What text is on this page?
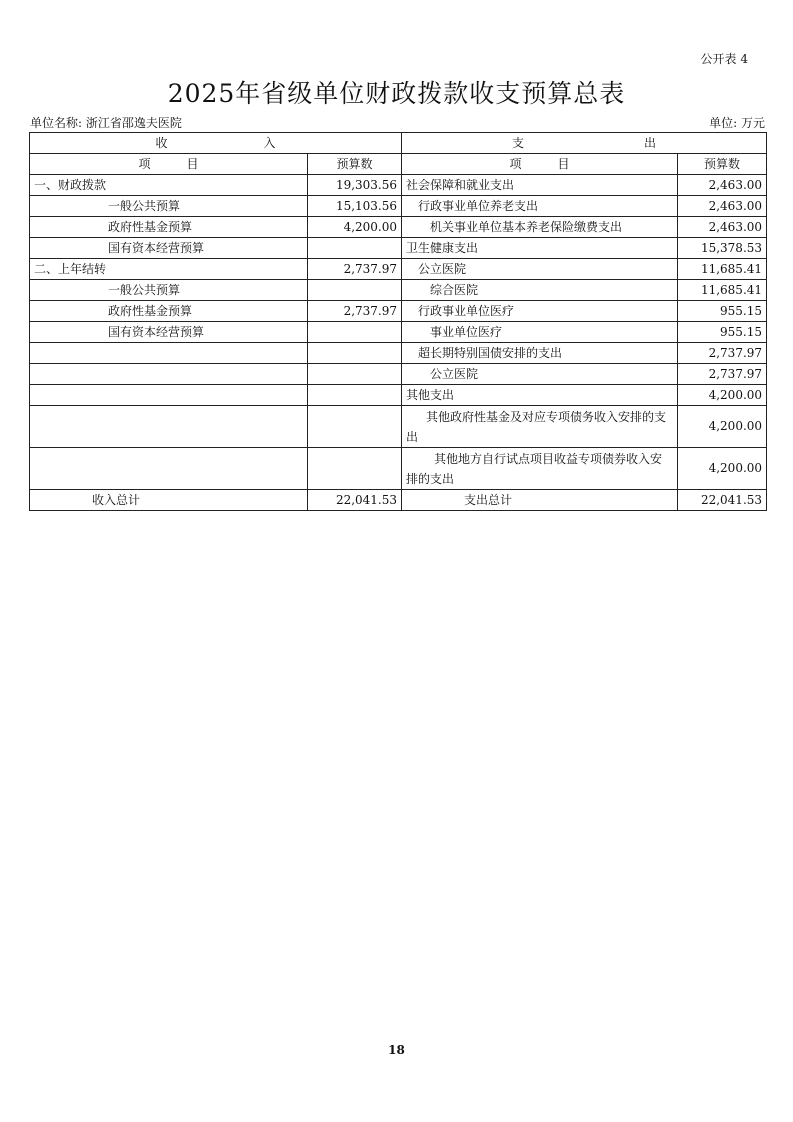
公开表 4
2025年省级单位财政拨款收支预算总表
单位名称: 浙江省邵逸夫医院	单位: 万元
收　　　　　　　　入		支　　　　　　　　　　出	
项　　　目	预算数	项　　　目	预算数
一、财政拨款	19,303.56	社会保障和就业支出	2,463.00
一般公共预算	15,103.56	行政事业单位养老支出	2,463.00
政府性基金预算	4,200.00	机关事业单位基本养老保险缴费支出	2,463.00
国有资本经营预算		卫生健康支出	15,378.53
二、上年结转	2,737.97	公立医院	11,685.41
一般公共预算		综合医院	11,685.41
政府性基金预算	2,737.97	行政事业单位医疗	955.15
国有资本经营预算		事业单位医疗	955.15
		超长期特别国债安排的支出	2,737.97
		公立医院	2,737.97
		其他支出	4,200.00
		其他政府性基金及对应专项债务收入安排的支出	4,200.00
		其他地方自行试点项目收益专项债券收入安排的支出	4,200.00
收入总计	22,041.53	支出总计	22,041.53
18
